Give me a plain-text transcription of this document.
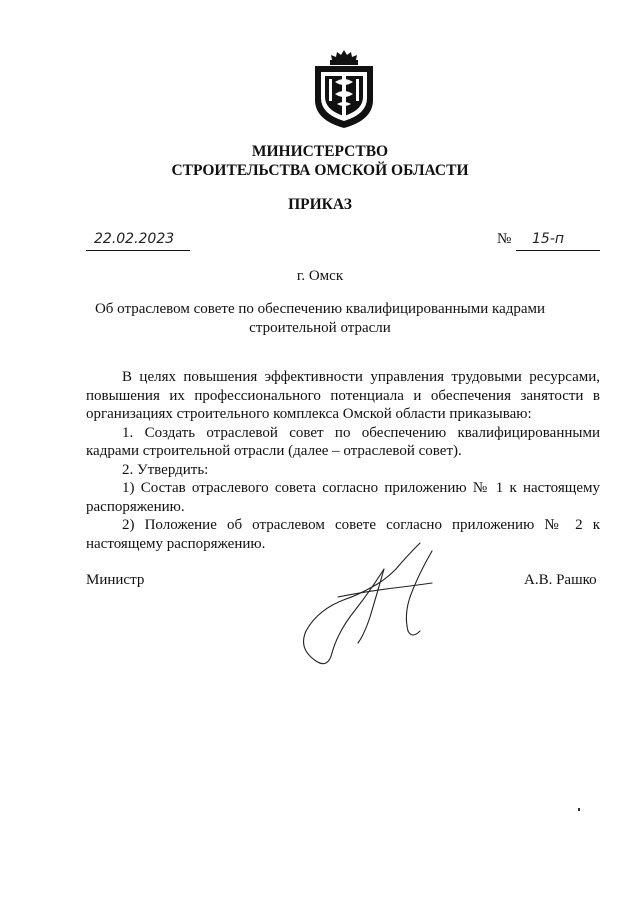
МИНИСТЕРСТВО
СТРОИТЕЛЬСТВА ОМСКОЙ ОБЛАСТИ
ПРИКАЗ
22.02.2023	№	15-п
г. Омск
Об отраслевом совете по обеспечению квалифицированными кадрами
строительной отрасли

В целях повышения эффективности управления трудовыми ресурсами, повышения их профессионального потенциала и обеспечения занятости в организациях строительного комплекса Омской области приказываю:

1. Создать отраслевой совет по обеспечению квалифицированными кадрами строительной отрасли (далее – отраслевой совет).

2. Утвердить:

1) Состав отраслевого совета согласно приложению № 1 к настоящему распоряжению.

2) Положение об отраслевом совете согласно приложению № 2 к настоящему распоряжению.

Министр	А.В. Рашко
